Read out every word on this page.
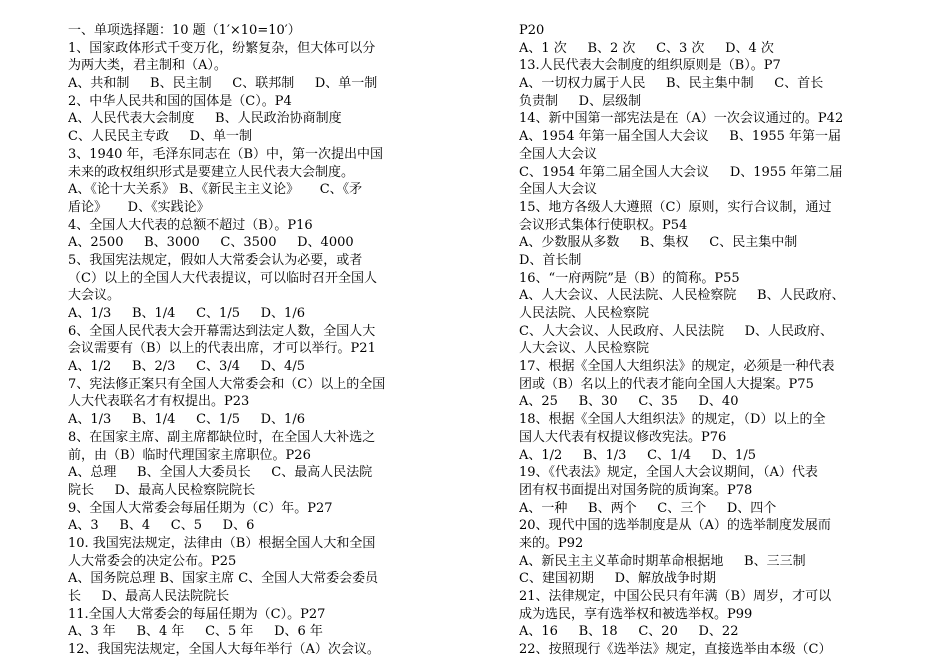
一、单项选择题：10 题（1′×10=10′）
1、国家政体形式千变万化，纷繁复杂，但大体可以分
为两大类，君主制和（A）。
A、共和制     B、民主制     C、联邦制     D、单一制
2、中华人民共和国的国体是（C）。P4
A、人民代表大会制度     B、人民政治协商制度
C、人民民主专政     D、单一制
3、1940 年，毛泽东同志在（B）中，第一次提出中国
未来的政权组织形式是要建立人民代表大会制度。
A、《论十大关系》 B、《新民主主义论》     C、《矛
盾论》     D、《实践论》
4、全国人大代表的总额不超过（B）。P16
A、2500     B、3000     C、3500     D、4000
5、我国宪法规定，假如人大常委会认为必要，或者
（C）以上的全国人大代表提议，可以临时召开全国人
大会议。
A、1/3     B、1/4     C、1/5     D、1/6
6、全国人民代表大会开幕需达到法定人数，全国人大
会议需要有（B）以上的代表出席，才可以举行。P21
A、1/2     B、2/3     C、3/4     D、4/5
7、宪法修正案只有全国人大常委会和（C）以上的全国
人大代表联名才有权提出。P23
A、1/3     B、1/4     C、1/5     D、1/6
8、在国家主席、副主席都缺位时，在全国人大补选之
前，由（B）临时代理国家主席职位。P26
A、总理     B、全国人大委员长     C、最高人民法院
院长     D、最高人民检察院院长
9、全国人大常委会每届任期为（C）年。P27
A、3     B、4     C、5     D、6
10. 我国宪法规定，法律由（B）根据全国人大和全国
人大常委会的决定公布。P25
A、国务院总理 B、国家主席 C、全国人大常委会委员
长     D、最高人民法院院长
11.全国人大常委会的每届任期为（C）。P27
A、3 年     B、4 年     C、5 年     D、6 年
12、我国宪法规定，全国人大每年举行（A）次会议。
P20
A、1 次     B、2 次     C、3 次     D、4 次
13.人民代表大会制度的组织原则是（B）。P7
A、一切权力属于人民     B、民主集中制     C、首长
负责制     D、层级制
14、新中国第一部宪法是在（A）一次会议通过的。P42
A、1954 年第一届全国人大会议     B、1955 年第一届
全国人大会议
C、1954 年第二届全国人大会议     D、1955 年第二届
全国人大会议
15、地方各级人大遵照（C）原则，实行合议制，通过
会议形式集体行使职权。P54
A、少数服从多数     B、集权     C、民主集中制
D、首长制
16、“一府两院”是（B）的简称。P55
A、人大会议、人民法院、人民检察院     B、人民政府、
人民法院、人民检察院
C、人大会议、人民政府、人民法院     D、人民政府、
人大会议、人民检察院
17、根据《全国人大组织法》的规定，必须是一种代表
团或（B）名以上的代表才能向全国人大提案。P75
A、25     B、30     C、35     D、40
18、根据《全国人大组织法》的规定，（D）以上的全
国人大代表有权提议修改宪法。P76
A、1/2     B、1/3     C、1/4     D、1/5
19、《代表法》规定，全国人大会议期间，（A）代表
团有权书面提出对国务院的质询案。P78
A、一种     B、两个     C、三个     D、四个
20、现代中国的选举制度是从（A）的选举制度发展而
来的。P92
A、新民主主义革命时期革命根据地     B、三三制
C、建国初期     D、解放战争时期
21、法律规定，中国公民只有年满（B）周岁，才可以
成为选民，享有选举权和被选举权。P99
A、16     B、18     C、20     D、22
22、按照现行《选举法》规定，直接选举由本级（C）
